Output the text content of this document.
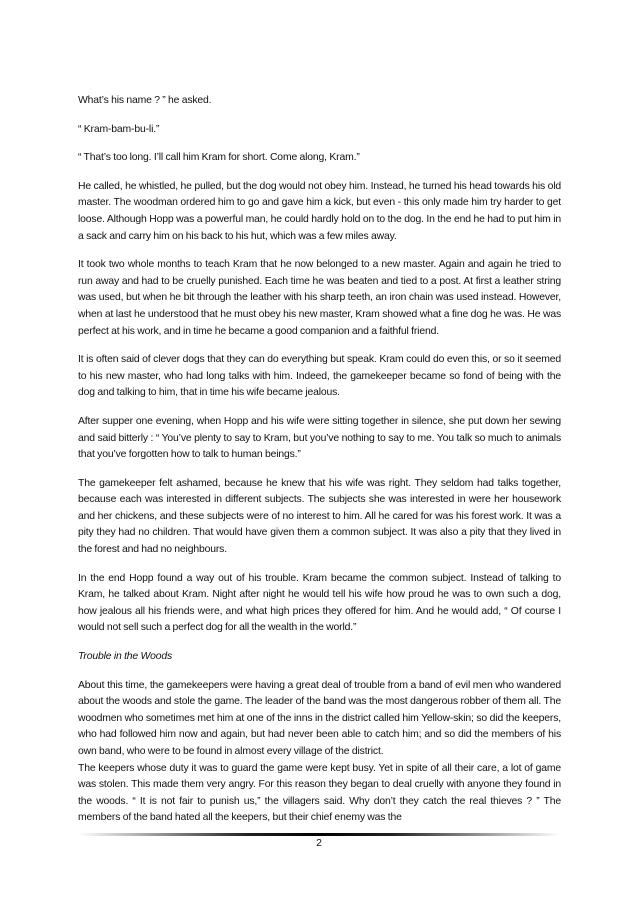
What’s his name ? ” he asked.

“ Kram-bam-bu-li.”

“ That’s too long. I’ll call him Kram for short. Come along, Kram.”

He called, he whistled, he pulled, but the dog would not obey him. Instead, he turned his head towards his old master. The woodman ordered him to go and gave him a kick, but even - this only made him try harder to get loose. Although Hopp was a powerful man, he could hardly hold on to the dog. In the end he had to put him in a sack and carry him on his back to his hut, which was a few miles away.

It took two whole months to teach Kram that he now belonged to a new master. Again and again he tried to run away and had to be cruelly punished. Each time he was beaten and tied to a post. At first a leather string was used, but when he bit through the leather with his sharp teeth, an iron chain was used instead. However, when at last he understood that he must obey his new master, Kram showed what a fine dog he was. He was perfect at his work, and in time he became a good companion and a faithful friend.

It is often said of clever dogs that they can do everything but speak. Kram could do even this, or so it seemed to his new master, who had long talks with him. Indeed, the gamekeeper became so fond of being with the dog and talking to him, that in time his wife became jealous.

After supper one evening, when Hopp and his wife were sitting together in silence, she put down her sewing and said bitterly : “ You’ve plenty to say to Kram, but you’ve nothing to say to me. You talk so much to animals that you’ve forgotten how to talk to human beings.”

The gamekeeper felt ashamed, because he knew that his wife was right. They seldom had talks together, because each was interested in different subjects. The subjects she was interested in were her housework and her chickens, and these subjects were of no interest to him. All he cared for was his forest work. It was a pity they had no children. That would have given them a common subject. It was also a pity that they lived in the forest and had no neighbours.

In the end Hopp found a way out of his trouble. Kram became the common subject. Instead of talking to Kram, he talked about Kram. Night after night he would tell his wife how proud he was to own such a dog, how jealous all his friends were, and what high prices they offered for him. And he would add, “ Of course I would not sell such a perfect dog for all the wealth in the world.”

Trouble in the Woods

About this time, the gamekeepers were having a great deal of trouble from a band of evil men who wandered about the woods and stole the game. The leader of the band was the most dangerous robber of them all. The woodmen who sometimes met him at one of the inns in the district called him Yellow-skin; so did the keepers, who had followed him now and again, but had never been able to catch him; and so did the members of his own band, who were to be found in almost every village of the district.

The keepers whose duty it was to guard the game were kept busy. Yet in spite of all their care, a lot of game was stolen. This made them very angry. For this reason they began to deal cruelly with anyone they found in the woods. “ It is not fair to punish us,” the villagers said. Why don’t they catch the real thieves ? ” The members of the band hated all the keepers, but their chief enemy was the

2
